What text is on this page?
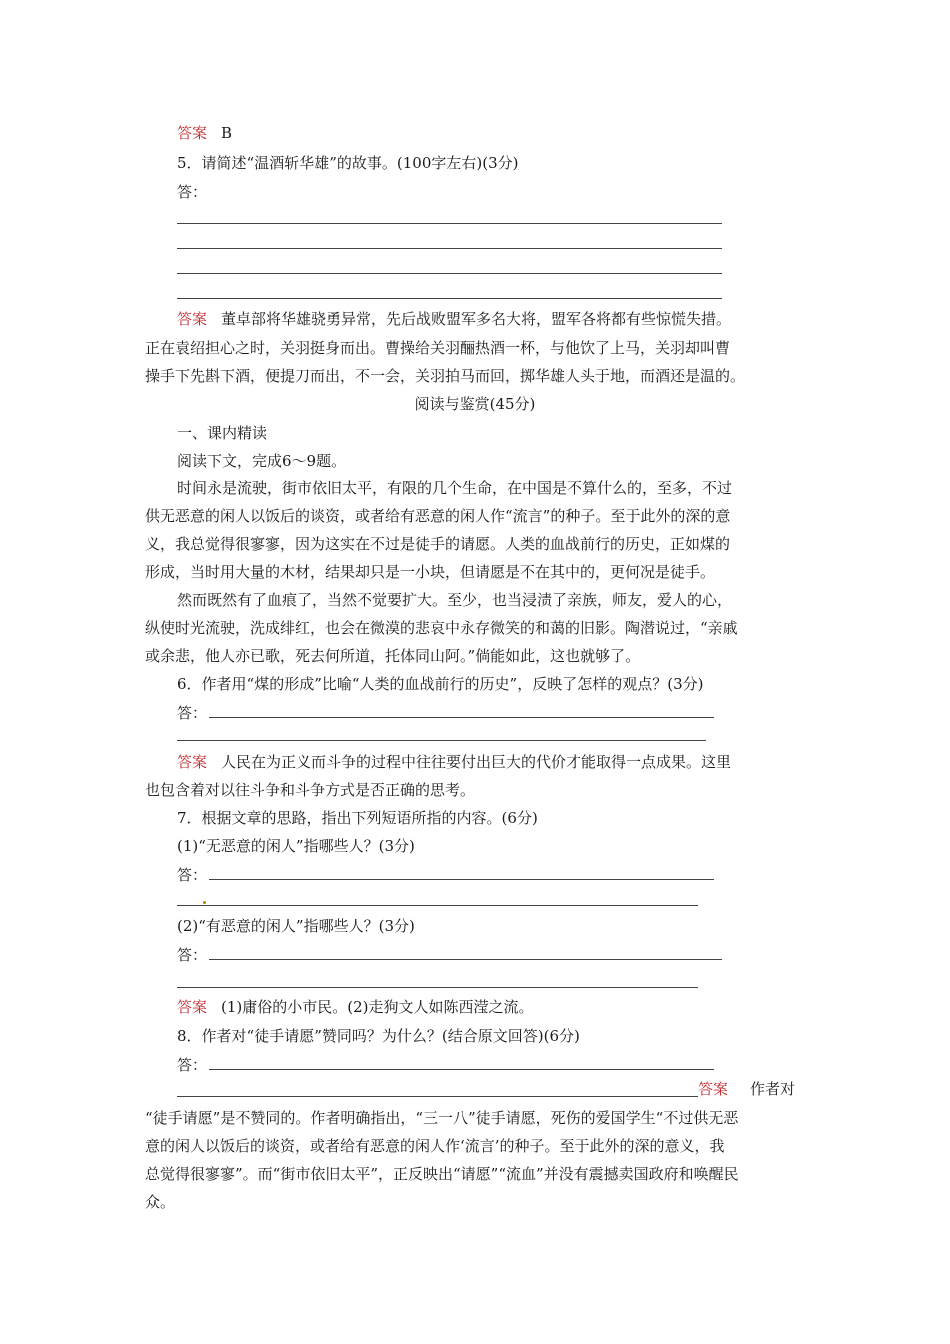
答案 B
5．请简述“温酒斩华雄”的故事。(100字左右)(3分)
答：
答案 董卓部将华雄骁勇异常，先后战败盟军多名大将，盟军各将都有些惊慌失措。
正在袁绍担心之时，关羽挺身而出。曹操给关羽酾热酒一杯，与他饮了上马，关羽却叫曹
操手下先斟下酒，便提刀而出，不一会，关羽拍马而回，掷华雄人头于地，而酒还是温的。
阅读与鉴赏(45分)
一、课内精读
阅读下文，完成6～9题。
时间永是流驶，街市依旧太平，有限的几个生命，在中国是不算什么的，至多，不过
供无恶意的闲人以饭后的谈资，或者给有恶意的闲人作“流言”的种子。至于此外的深的意
义，我总觉得很寥寥，因为这实在不过是徒手的请愿。人类的血战前行的历史，正如煤的
形成，当时用大量的木材，结果却只是一小块，但请愿是不在其中的，更何况是徒手。
然而既然有了血痕了，当然不觉要扩大。至少，也当浸渍了亲族，师友，爱人的心，
纵使时光流驶，洗成绯红，也会在微漠的悲哀中永存微笑的和蔼的旧影。陶潜说过，“亲戚
或余悲，他人亦已歌，死去何所道，托体同山阿。”倘能如此，这也就够了。
6．作者用“煤的形成”比喻“人类的血战前行的历史”，反映了怎样的观点？(3分)
答：
答案 人民在为正义而斗争的过程中往往要付出巨大的代价才能取得一点成果。这里
也包含着对以往斗争和斗争方式是否正确的思考。
7．根据文章的思路，指出下列短语所指的内容。(6分)
(1)“无恶意的闲人”指哪些人？(3分)
答：
(2)“有恶意的闲人”指哪些人？(3分)
答：
答案 (1)庸俗的小市民。(2)走狗文人如陈西滢之流。
8．作者对“徒手请愿”赞同吗？为什么？(结合原文回答)(6分)
答：
答案 作者对
“徒手请愿”是不赞同的。作者明确指出，“三一八”徒手请愿，死伤的爱国学生“不过供无恶
意的闲人以饭后的谈资，或者给有恶意的闲人作‘流言’的种子。至于此外的深的意义，我
总觉得很寥寥”。而“街市依旧太平”，正反映出“请愿”“流血”并没有震撼卖国政府和唤醒民
众。
